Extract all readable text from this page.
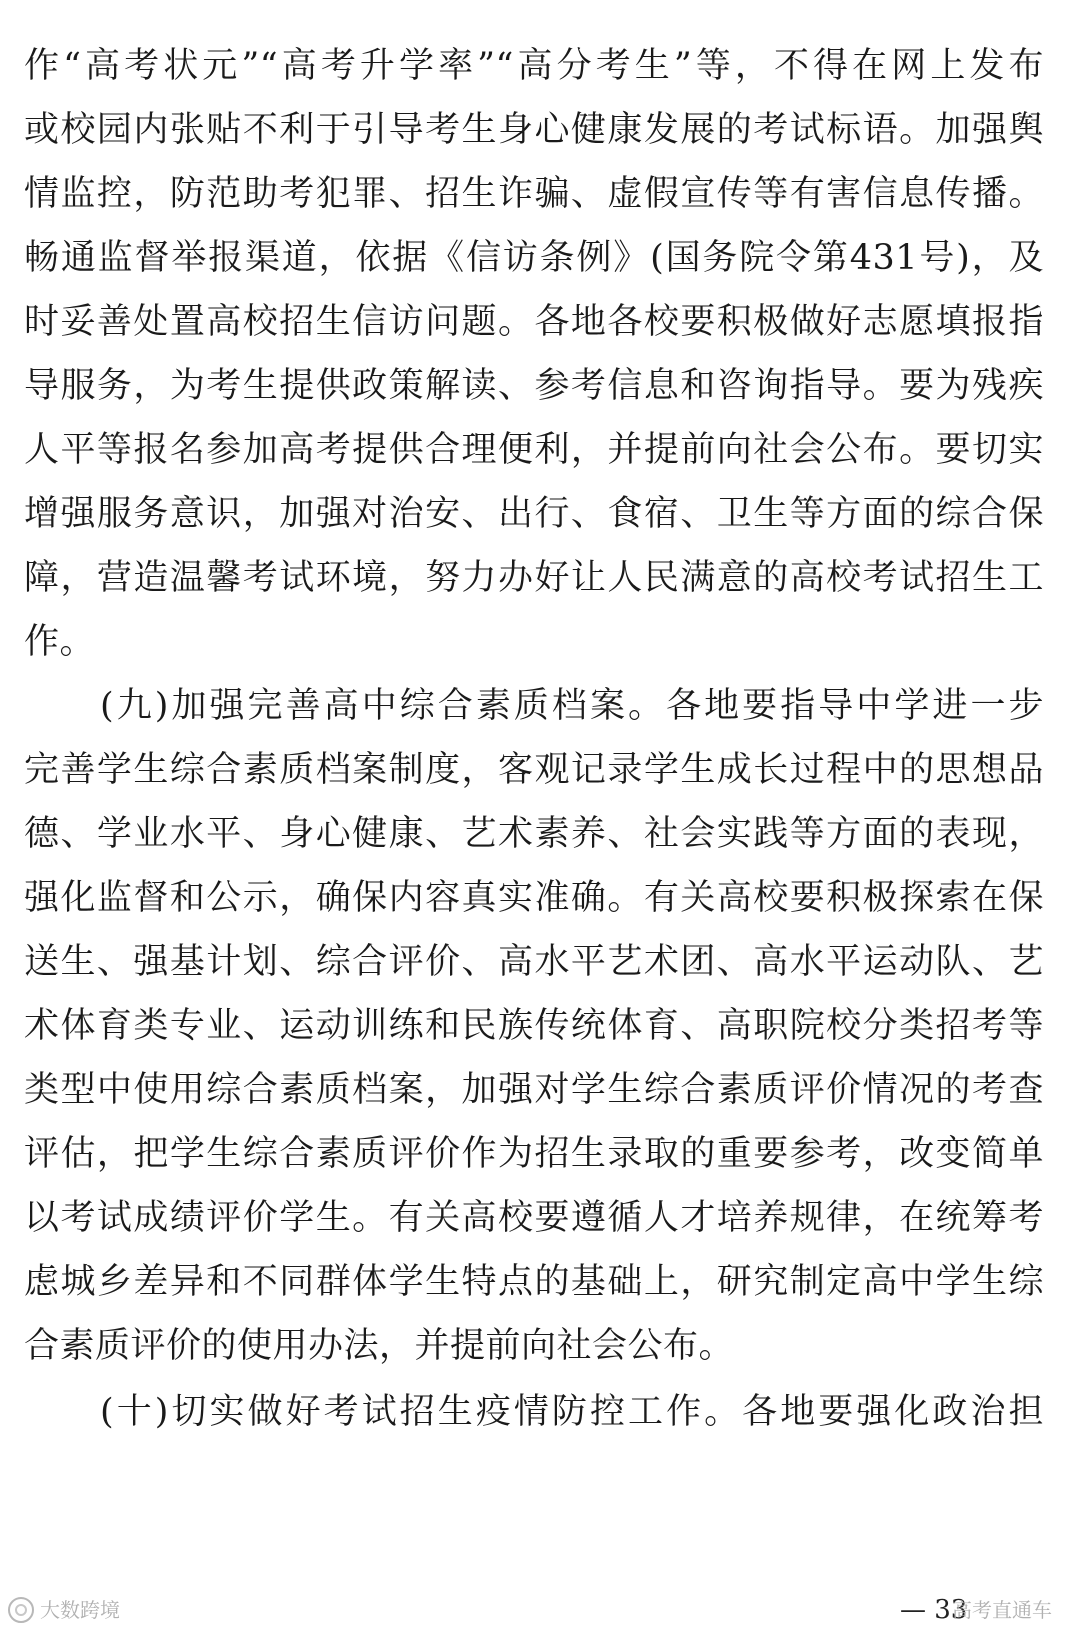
作“高考状元”“高考升学率”“高分考生”等，不得在网上发布
或校园内张贴不利于引导考生身心健康发展的考试标语。加强舆
情监控，防范助考犯罪、招生诈骗、虚假宣传等有害信息传播。
畅通监督举报渠道，依据《信访条例》(国务院令第431号)，及
时妥善处置高校招生信访问题。各地各校要积极做好志愿填报指
导服务，为考生提供政策解读、参考信息和咨询指导。要为残疾
人平等报名参加高考提供合理便利，并提前向社会公布。要切实
增强服务意识，加强对治安、出行、食宿、卫生等方面的综合保
障，营造温馨考试环境，努力办好让人民满意的高校考试招生工
作。
(九)加强完善高中综合素质档案。各地要指导中学进一步
完善学生综合素质档案制度，客观记录学生成长过程中的思想品
德、学业水平、身心健康、艺术素养、社会实践等方面的表现，
强化监督和公示，确保内容真实准确。有关高校要积极探索在保
送生、强基计划、综合评价、高水平艺术团、高水平运动队、艺
术体育类专业、运动训练和民族传统体育、高职院校分类招考等
类型中使用综合素质档案，加强对学生综合素质评价情况的考查
评估，把学生综合素质评价作为招生录取的重要参考，改变简单
以考试成绩评价学生。有关高校要遵循人才培养规律，在统筹考
虑城乡差异和不同群体学生特点的基础上，研究制定高中学生综
合素质评价的使用办法，并提前向社会公布。
(十)切实做好考试招生疫情防控工作。各地要强化政治担
大数跨境	— 33
高考直通车
